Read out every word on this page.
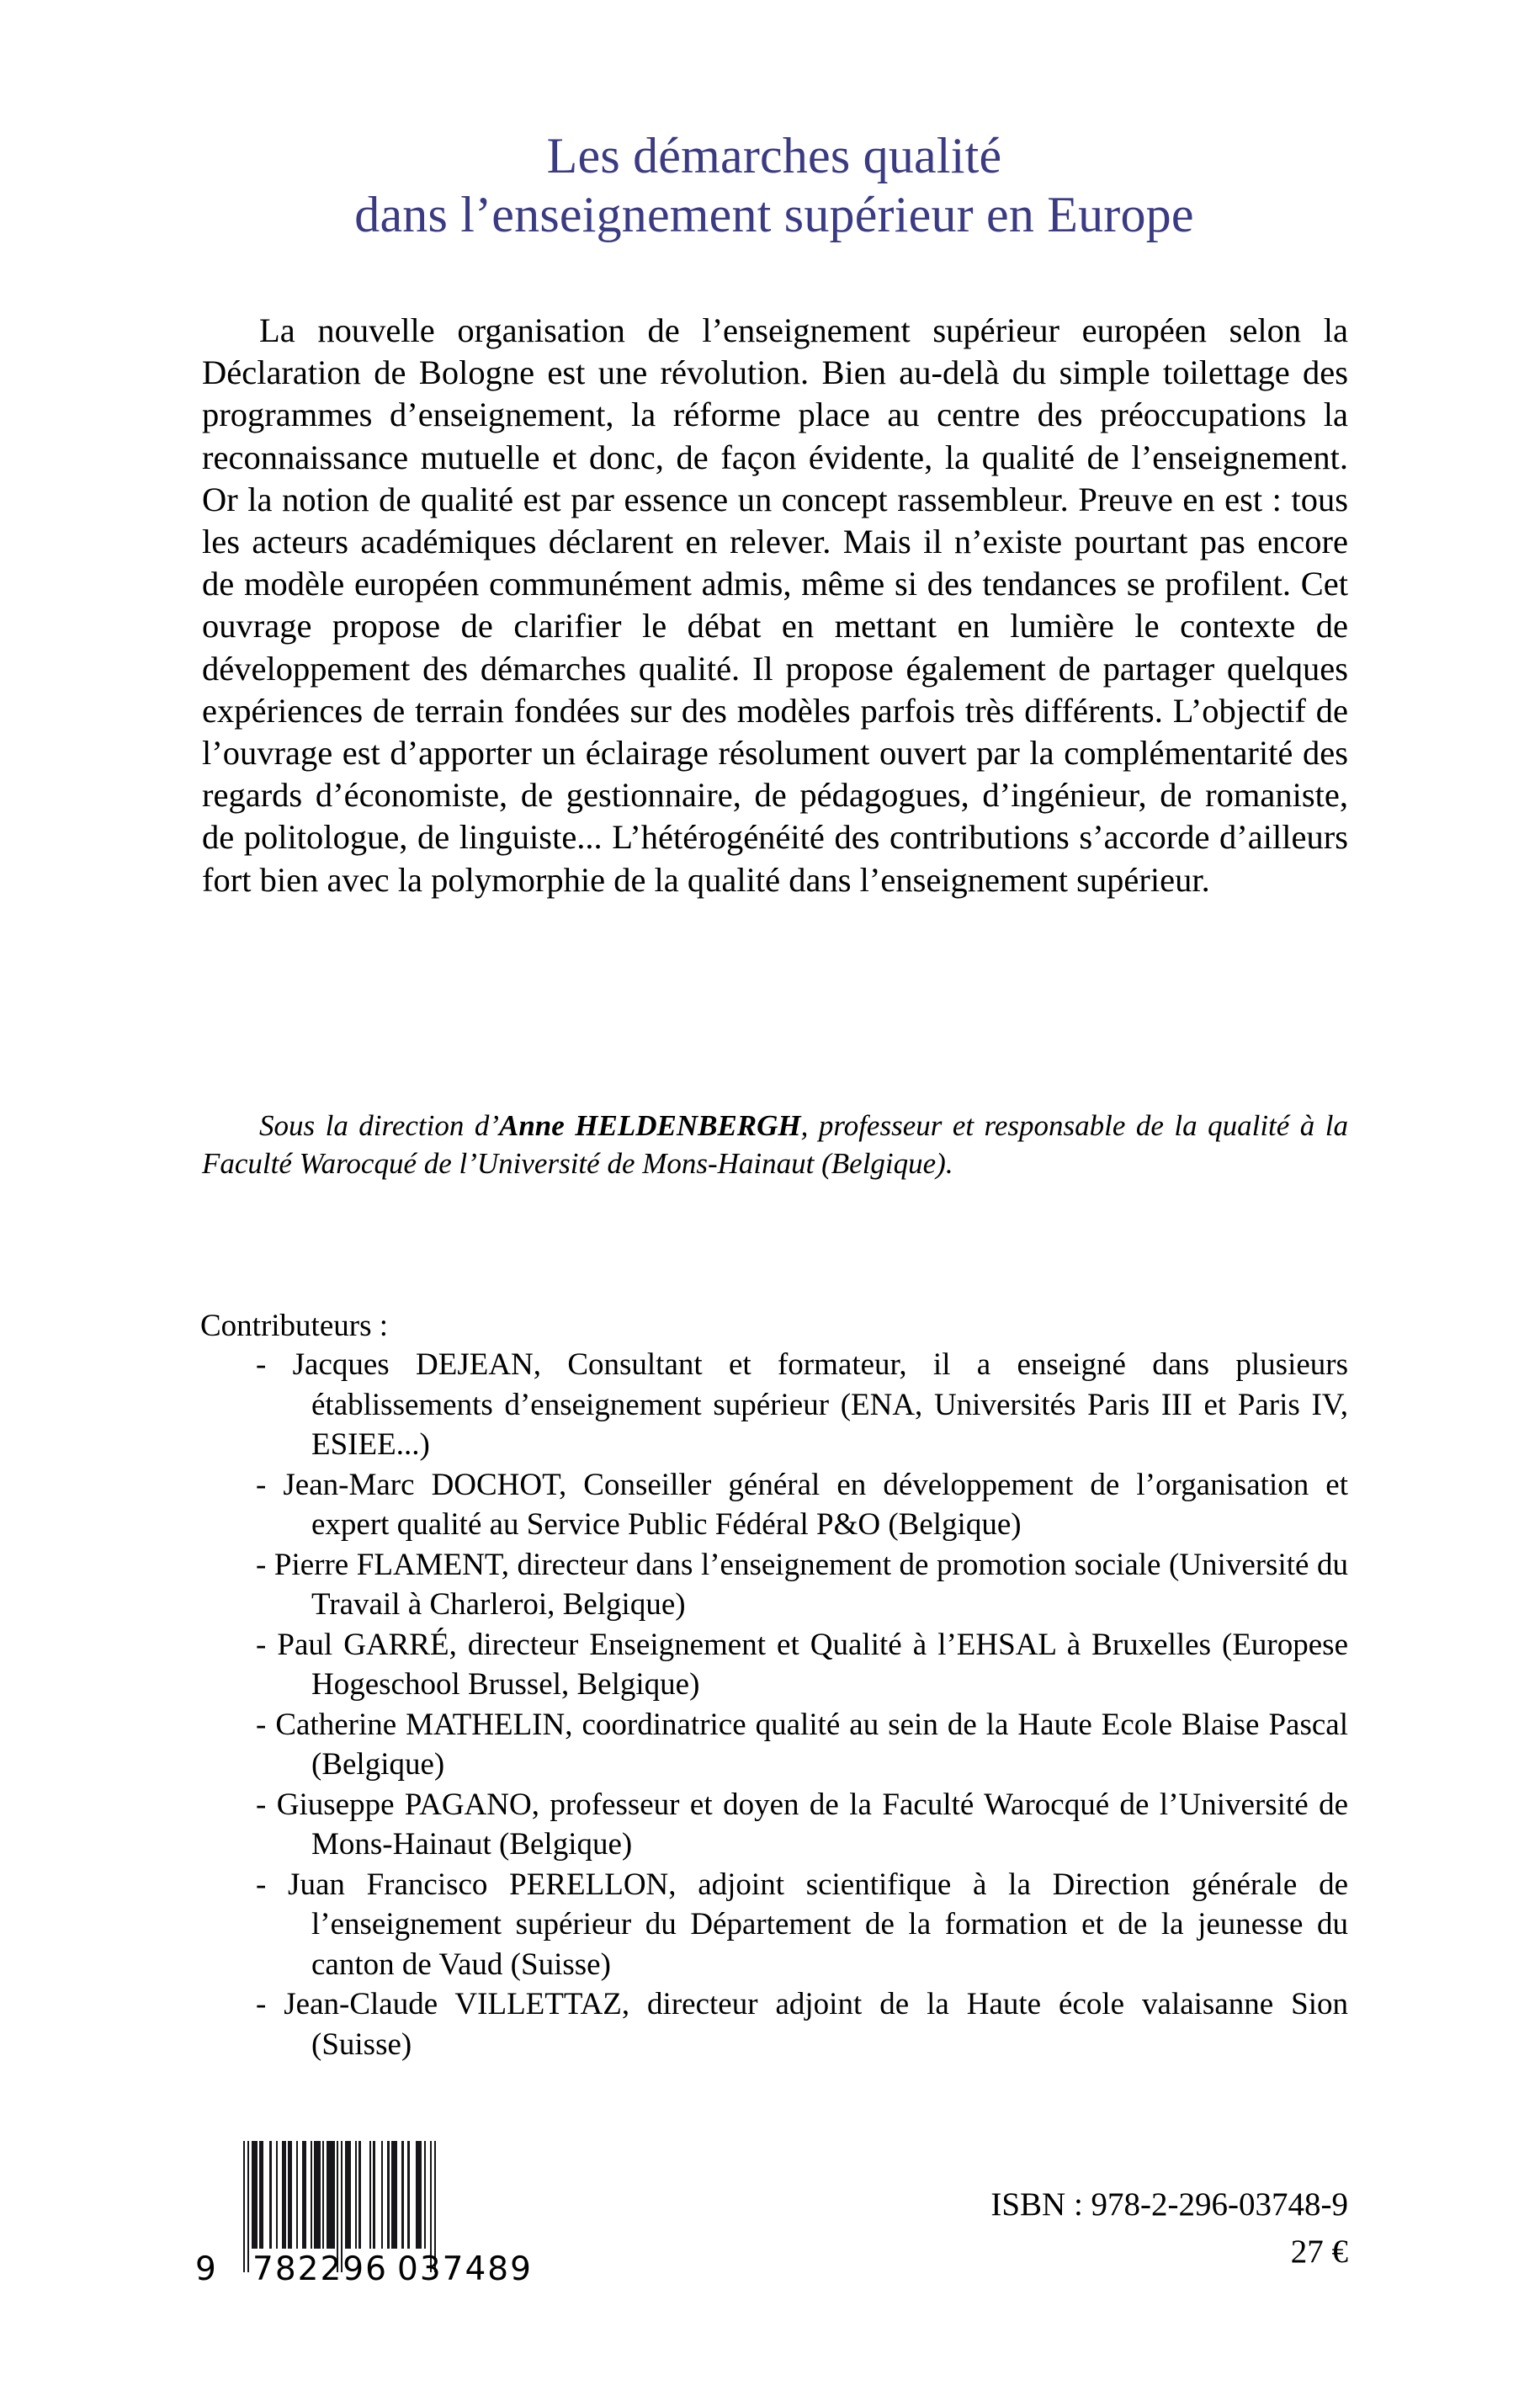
Les démarches qualité
dans l’enseignement supérieur en Europe
La nouvelle organisation de l’enseignement supérieur européen selon la Déclaration de Bologne est une révolution. Bien au-delà du simple toilettage des programmes d’enseignement, la réforme place au centre des préoccupations la reconnaissance mutuelle et donc, de façon évidente, la qualité de l’enseignement. Or la notion de qualité est par essence un concept rassembleur. Preuve en est : tous les acteurs académiques déclarent en relever. Mais il n’existe pourtant pas encore de modèle européen communément admis, même si des tendances se profilent. Cet ouvrage propose de clarifier le débat en mettant en lumière le contexte de développement des démarches qualité. Il propose également de partager quelques expériences de terrain fondées sur des modèles parfois très différents. L’objectif de l’ouvrage est d’apporter un éclairage résolument ouvert par la complémentarité des regards d’économiste, de gestionnaire, de pédagogues, d’ingénieur, de romaniste, de politologue, de linguiste... L’hétérogénéité des contributions s’accorde d’ailleurs fort bien avec la polymorphie de la qualité dans l’enseignement supérieur.
Sous la direction d’Anne HELDENBERGH, professeur et responsable de la qualité à la Faculté Warocqué de l’Université de Mons-Hainaut (Belgique).
Contributeurs :
- Jacques DEJEAN, Consultant et formateur, il a enseigné dans plusieurs établissements d’enseignement supérieur (ENA, Universités Paris III et Paris IV, ESIEE...)
- Jean-Marc DOCHOT, Conseiller général en développement de l’organisation et expert qualité au Service Public Fédéral P&O (Belgique)
- Pierre FLAMENT, directeur dans l’enseignement de promotion sociale (Université du Travail à Charleroi, Belgique)
- Paul GARRÉ, directeur Enseignement et Qualité à l’EHSAL à Bruxelles (Europese Hogeschool Brussel, Belgique)
- Catherine MATHELIN, coordinatrice qualité au sein de la Haute Ecole Blaise Pascal (Belgique)
- Giuseppe PAGANO, professeur et doyen de la Faculté Warocqué de l’Université de Mons-Hainaut (Belgique)
- Juan Francisco PERELLON, adjoint scientifique à la Direction générale de l’enseignement supérieur du Département de la formation et de la jeunesse du canton de Vaud (Suisse)
- Jean-Claude VILLETTAZ, directeur adjoint de la Haute école valaisanne Sion (Suisse)
9 782296 037489
ISBN : 978-2-296-03748-9
27 €
